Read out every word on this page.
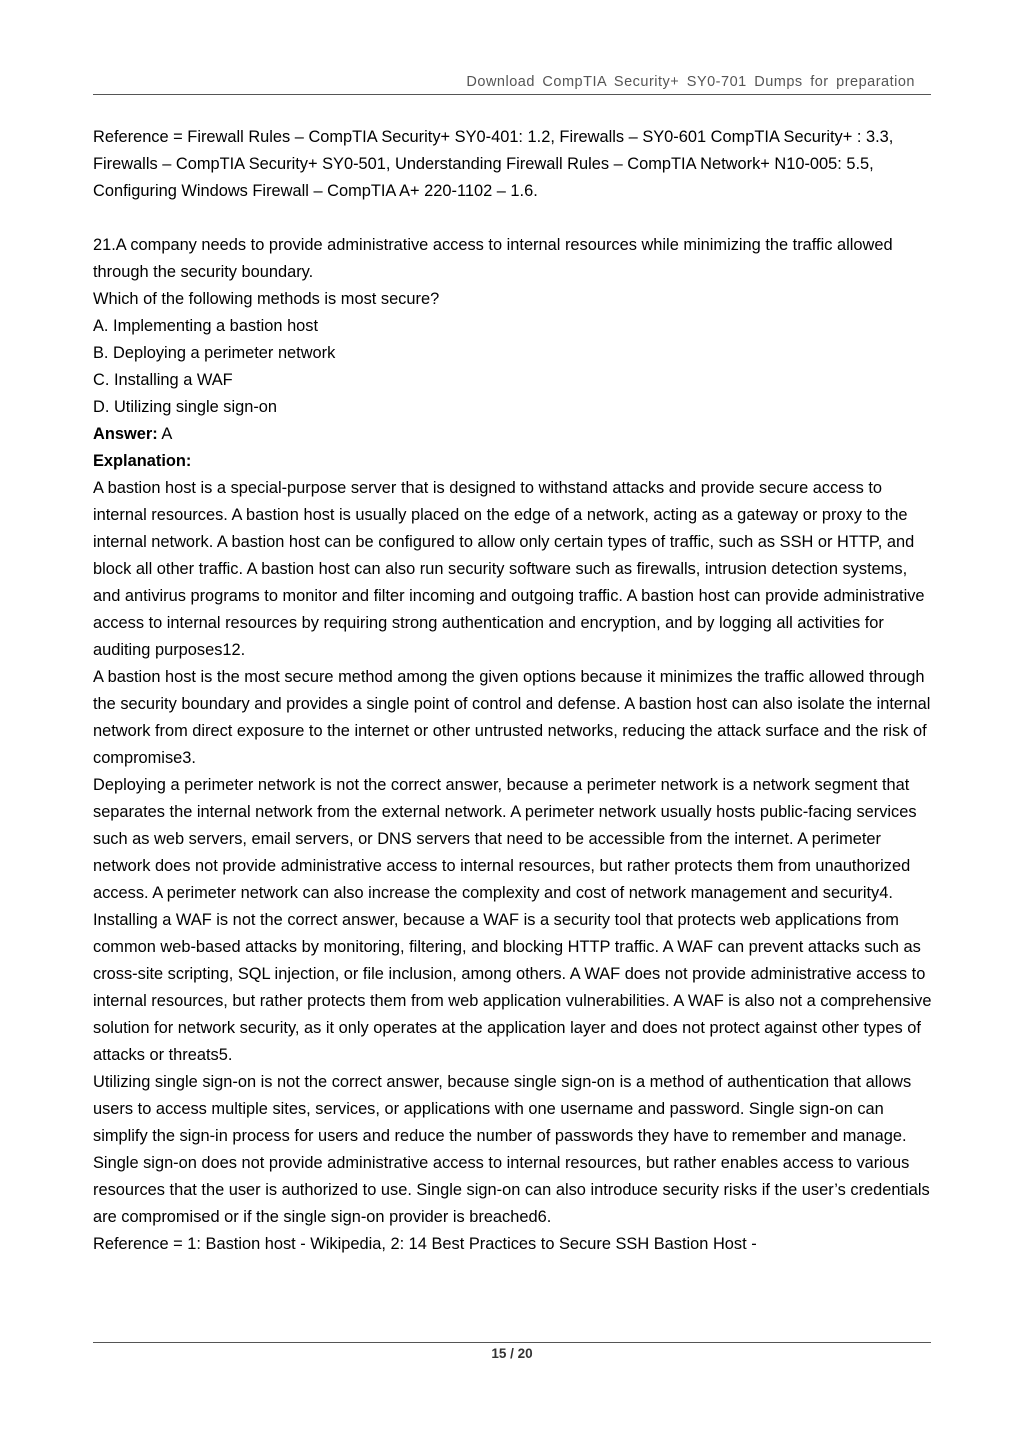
Download CompTIA Security+ SY0-701 Dumps for preparation

Reference = Firewall Rules – CompTIA Security+ SY0-401: 1.2, Firewalls – SY0-601 CompTIA Security+ : 3.3, Firewalls – CompTIA Security+ SY0-501, Understanding Firewall Rules – CompTIA Network+ N10-005: 5.5, Configuring Windows Firewall – CompTIA A+ 220-1102 – 1.6.

21.A company needs to provide administrative access to internal resources while minimizing the traffic allowed through the security boundary.

Which of the following methods is most secure?

A. Implementing a bastion host

B. Deploying a perimeter network

C. Installing a WAF

D. Utilizing single sign-on

Answer: A

Explanation:

A bastion host is a special-purpose server that is designed to withstand attacks and provide secure access to internal resources. A bastion host is usually placed on the edge of a network, acting as a gateway or proxy to the internal network. A bastion host can be configured to allow only certain types of traffic, such as SSH or HTTP, and block all other traffic. A bastion host can also run security software such as firewalls, intrusion detection systems, and antivirus programs to monitor and filter incoming and outgoing traffic. A bastion host can provide administrative access to internal resources by requiring strong authentication and encryption, and by logging all activities for auditing purposes12.

A bastion host is the most secure method among the given options because it minimizes the traffic allowed through the security boundary and provides a single point of control and defense. A bastion host can also isolate the internal network from direct exposure to the internet or other untrusted networks, reducing the attack surface and the risk of compromise3.

Deploying a perimeter network is not the correct answer, because a perimeter network is a network segment that separates the internal network from the external network. A perimeter network usually hosts public-facing services such as web servers, email servers, or DNS servers that need to be accessible from the internet. A perimeter network does not provide administrative access to internal resources, but rather protects them from unauthorized access. A perimeter network can also increase the complexity and cost of network management and security4.

Installing a WAF is not the correct answer, because a WAF is a security tool that protects web applications from common web-based attacks by monitoring, filtering, and blocking HTTP traffic. A WAF can prevent attacks such as cross-site scripting, SQL injection, or file inclusion, among others. A WAF does not provide administrative access to internal resources, but rather protects them from web application vulnerabilities. A WAF is also not a comprehensive solution for network security, as it only operates at the application layer and does not protect against other types of attacks or threats5.

Utilizing single sign-on is not the correct answer, because single sign-on is a method of authentication that allows users to access multiple sites, services, or applications with one username and password. Single sign-on can simplify the sign-in process for users and reduce the number of passwords they have to remember and manage. Single sign-on does not provide administrative access to internal resources, but rather enables access to various resources that the user is authorized to use. Single sign-on can also introduce security risks if the user’s credentials are compromised or if the single sign-on provider is breached6.

Reference = 1: Bastion host - Wikipedia, 2: 14 Best Practices to Secure SSH Bastion Host -

15 / 20
